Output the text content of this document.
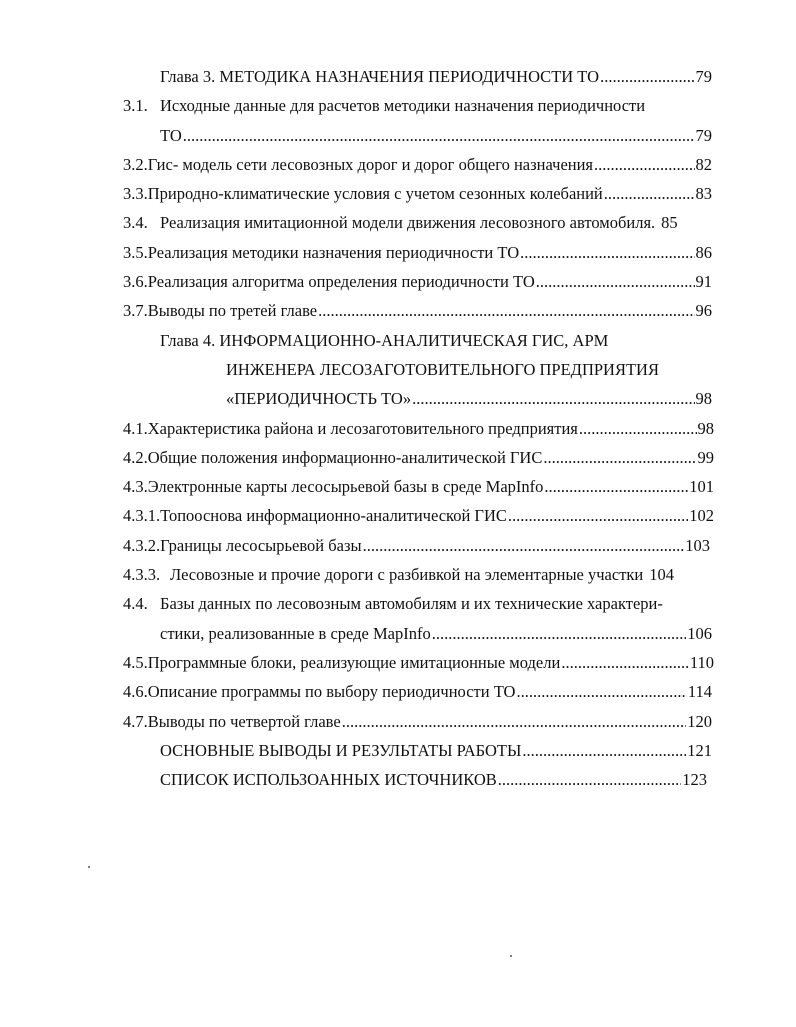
Глава 3. МЕТОДИКА НАЗНАЧЕНИЯ ПЕРИОДИЧНОСТИ ТО .....	79
3.1. Исходные данные для расчетов методики назначения периодичности
ТО .....	79
3.2. Гис- модель сети лесовозных дорог и дорог общего назначения .....	82
3.3. Природно-климатические условия с учетом сезонных колебаний .....	83
3.4. Реализация имитационной модели движения лесовозного автомобиля. 85
3.5. Реализация методики назначения периодичности ТО .....	86
3.6. Реализация алгоритма определения периодичности ТО .....	91
3.7. Выводы по третей главе .....	96
Глава 4. ИНФОРМАЦИОННО-АНАЛИТИЧЕСКАЯ ГИС, АРМ
ИНЖЕНЕРА ЛЕСОЗАГОТОВИТЕЛЬНОГО ПРЕДПРИЯТИЯ
«ПЕРИОДИЧНОСТЬ ТО» .....	98
4.1. Характеристика района и лесозаготовительного предприятия .....	98
4.2. Общие положения информационно-аналитической ГИС .....	99
4.3. Электронные карты лесосырьевой базы в среде MapInfo .....	101
4.3.1. Топооснова информационно-аналитической ГИС .....	102
4.3.2. Границы лесосырьевой базы .....	103
4.3.3. Лесовозные и прочие дороги с разбивкой на элементарные участки 104
4.4. Базы данных по лесовозным автомобилям и их технические характери-
стики, реализованные в среде MapInfo .....	106
4.5. Программные блоки, реализующие имитационные модели .....	110
4.6. Описание программы по выбору периодичности ТО .....	114
4.7. Выводы по четвертой главе .....	120
ОСНОВНЫЕ ВЫВОДЫ И РЕЗУЛЬТАТЫ РАБОТЫ .....	121
СПИСОК ИСПОЛЬЗОАННЫХ ИСТОЧНИКОВ .....	123
